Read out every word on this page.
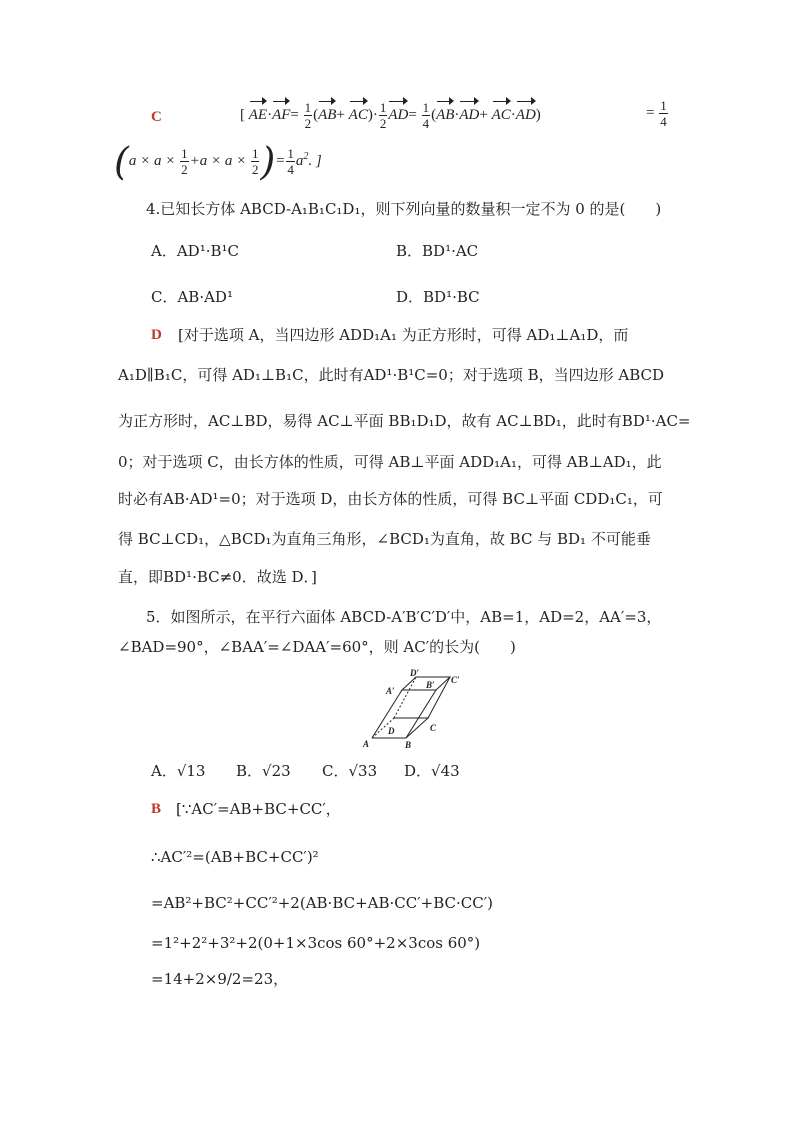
C	[ $AE\cdot AF= \frac{1}{2} (AB+ AC)\cdot \frac{1}{2} AD= \frac{1}{4} (AB\cdot AD+ AC\cdot AD)$	= $\frac{1}{4}$
($a \times a \times \frac{1}{2} +a \times a \times \frac{1}{2}$ )= $\frac{1}{4} a^2$. ]
4.已知长方体 ABCD-A₁B₁C₁D₁，则下列向量的数量积一定不为 0 的是(　　)
A．AD¹·B¹C	B．BD¹·AC
C．AB·AD¹	D．BD¹·BC
D [对于选项 A，当四边形 ADD₁A₁ 为正方形时，可得 AD₁⊥A₁D，而
A₁D∥B₁C，可得 AD₁⊥B₁C，此时有AD¹·B¹C=0；对于选项 B，当四边形 ABCD
为正方形时，AC⊥BD，易得 AC⊥平面 BB₁D₁D，故有 AC⊥BD₁，此时有BD¹·AC=
0；对于选项 C，由长方体的性质，可得 AB⊥平面 ADD₁A₁，可得 AB⊥AD₁，此
时必有AB·AD¹=0；对于选项 D，由长方体的性质，可得 BC⊥平面 CDD₁C₁，可
得 BC⊥CD₁，△BCD₁为直角三角形，∠BCD₁为直角，故 BC 与 BD₁ 不可能垂
直，即BD¹·BC≠0．故选 D．]
5．如图所示，在平行六面体 ABCD-A′B′C′D′中，AB=1，AD=2，AA′=3，
∠BAD=90°，∠BAA′=∠DAA′=60°，则 AC′的长为(　　)
A	B
C
D
A′
B′ C′
D′
A．√13 B．√23 C．√33 D．√43
B [∵AC′=AB+BC+CC′，
∴AC′²=(AB+BC+CC′)²
=AB²+BC²+CC′²+2(AB·BC+AB·CC′+BC·CC′)
=1²+2²+3²+2(0+1×3cos 60°+2×3cos 60°)
=14+2×9/2=23，
